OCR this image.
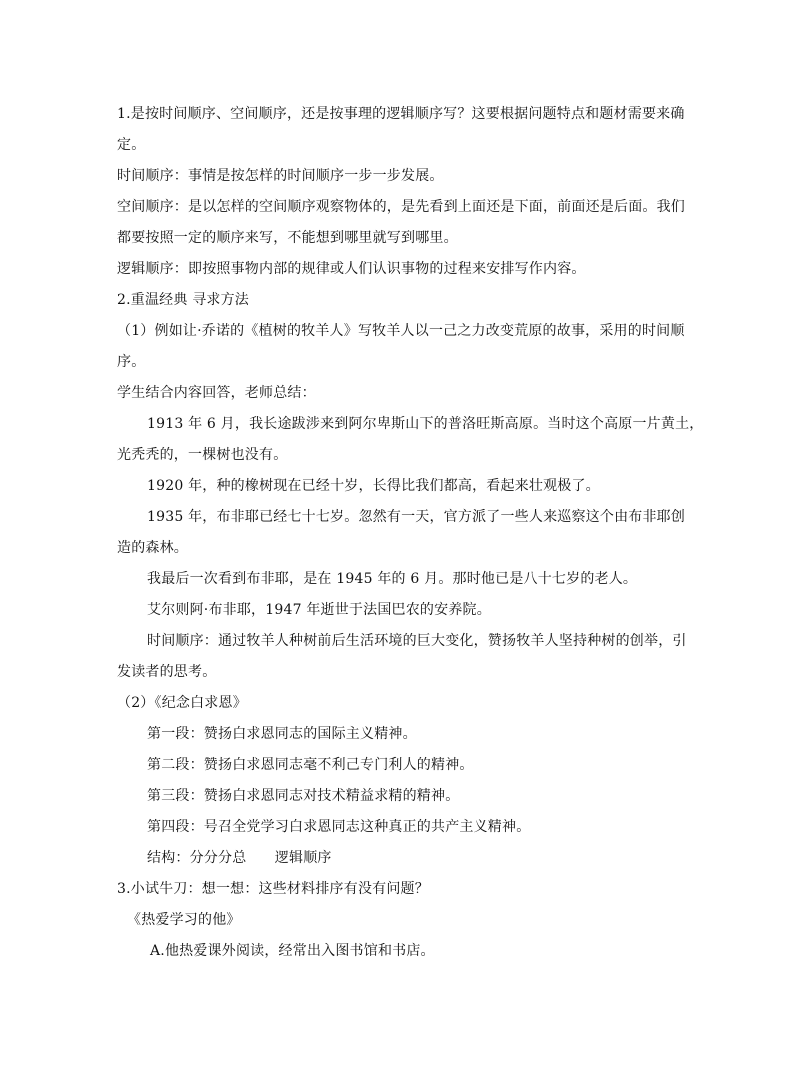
1.是按时间顺序、空间顺序，还是按事理的逻辑顺序写？这要根据问题特点和题材需要来确
定。
时间顺序：事情是按怎样的时间顺序一步一步发展。
空间顺序：是以怎样的空间顺序观察物体的，是先看到上面还是下面，前面还是后面。我们
都要按照一定的顺序来写，不能想到哪里就写到哪里。
逻辑顺序：即按照事物内部的规律或人们认识事物的过程来安排写作内容。
2.重温经典 寻求方法
（1）例如让·乔诺的《植树的牧羊人》写牧羊人以一己之力改变荒原的故事，采用的时间顺
序。
学生结合内容回答，老师总结：
1913 年 6 月，我长途跋涉来到阿尔卑斯山下的普洛旺斯高原。当时这个高原一片黄土，
光秃秃的，一棵树也没有。
1920 年，种的橡树现在已经十岁，长得比我们都高，看起来壮观极了。
1935 年，布非耶已经七十七岁。忽然有一天，官方派了一些人来巡察这个由布非耶创
造的森林。
我最后一次看到布非耶，是在 1945 年的 6 月。那时他已是八十七岁的老人。
艾尔则阿·布非耶，1947 年逝世于法国巴农的安养院。
时间顺序：通过牧羊人种树前后生活环境的巨大变化，赞扬牧羊人坚持种树的创举，引
发读者的思考。
（2）《纪念白求恩》
第一段：赞扬白求恩同志的国际主义精神。
第二段：赞扬白求恩同志毫不利己专门利人的精神。
第三段：赞扬白求恩同志对技术精益求精的精神。
第四段：号召全党学习白求恩同志这种真正的共产主义精神。
结构：分分分总　　逻辑顺序
3.小试牛刀：想一想：这些材料排序有没有问题？
《热爱学习的他》
A.他热爱课外阅读，经常出入图书馆和书店。
